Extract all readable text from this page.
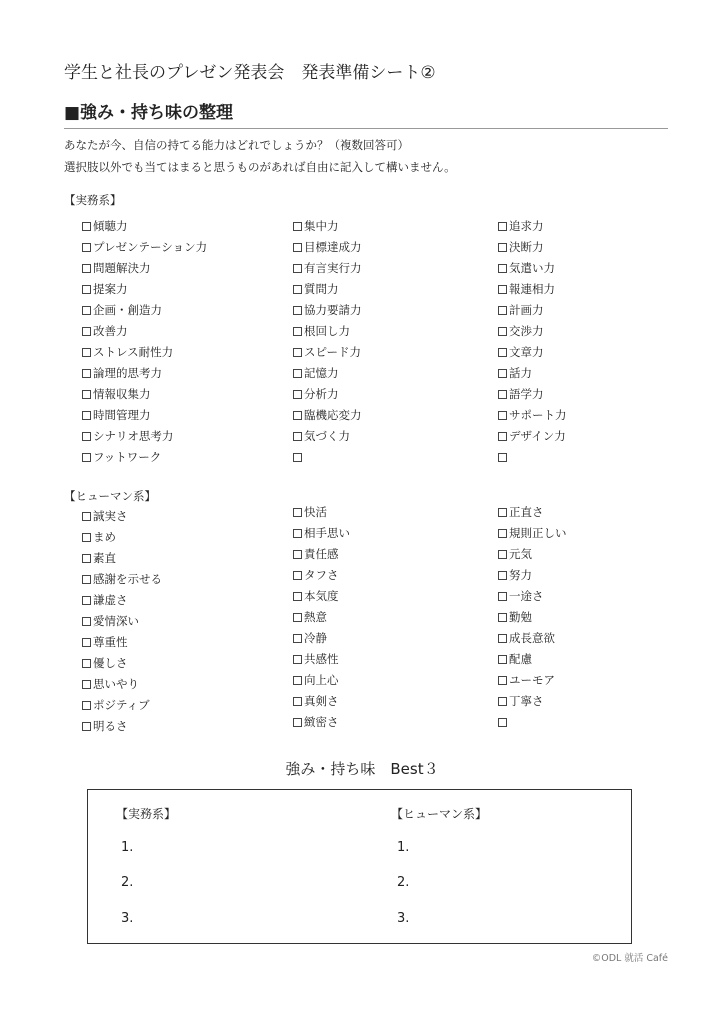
学生と社長のプレゼン発表会　発表準備シート②
■強み・持ち味の整理
あなたが今、自信の持てる能力はどれでしょうか？（複数回答可）
選択肢以外でも当てはまると思うものがあれば自由に記入して構いません。
【実務系】
傾聴力
プレゼンテーション力
問題解決力
提案力
企画・創造力
改善力
ストレス耐性力
論理的思考力
情報収集力
時間管理力
シナリオ思考力
フットワーク
集中力
目標達成力
有言実行力
質問力
協力要請力
根回し力
スピード力
記憶力
分析力
臨機応変力
気づく力
追求力
決断力
気遣い力
報連相力
計画力
交渉力
文章力
話力
語学力
サポート力
デザイン力
【ヒューマン系】
誠実さ
まめ
素直
感謝を示せる
謙虚さ
愛情深い
尊重性
優しさ
思いやり
ポジティブ
明るさ
快活
相手思い
責任感
タフさ
本気度
熱意
冷静
共感性
向上心
真剣さ
緻密さ
正直さ
規則正しい
元気
努力
一途さ
勤勉
成長意欲
配慮
ユーモア
丁寧さ
強み・持ち味　Best３
【実務系】	【ヒューマン系】
1.
2.
3.
1.
2.
3.
©ODL 就活 Café
